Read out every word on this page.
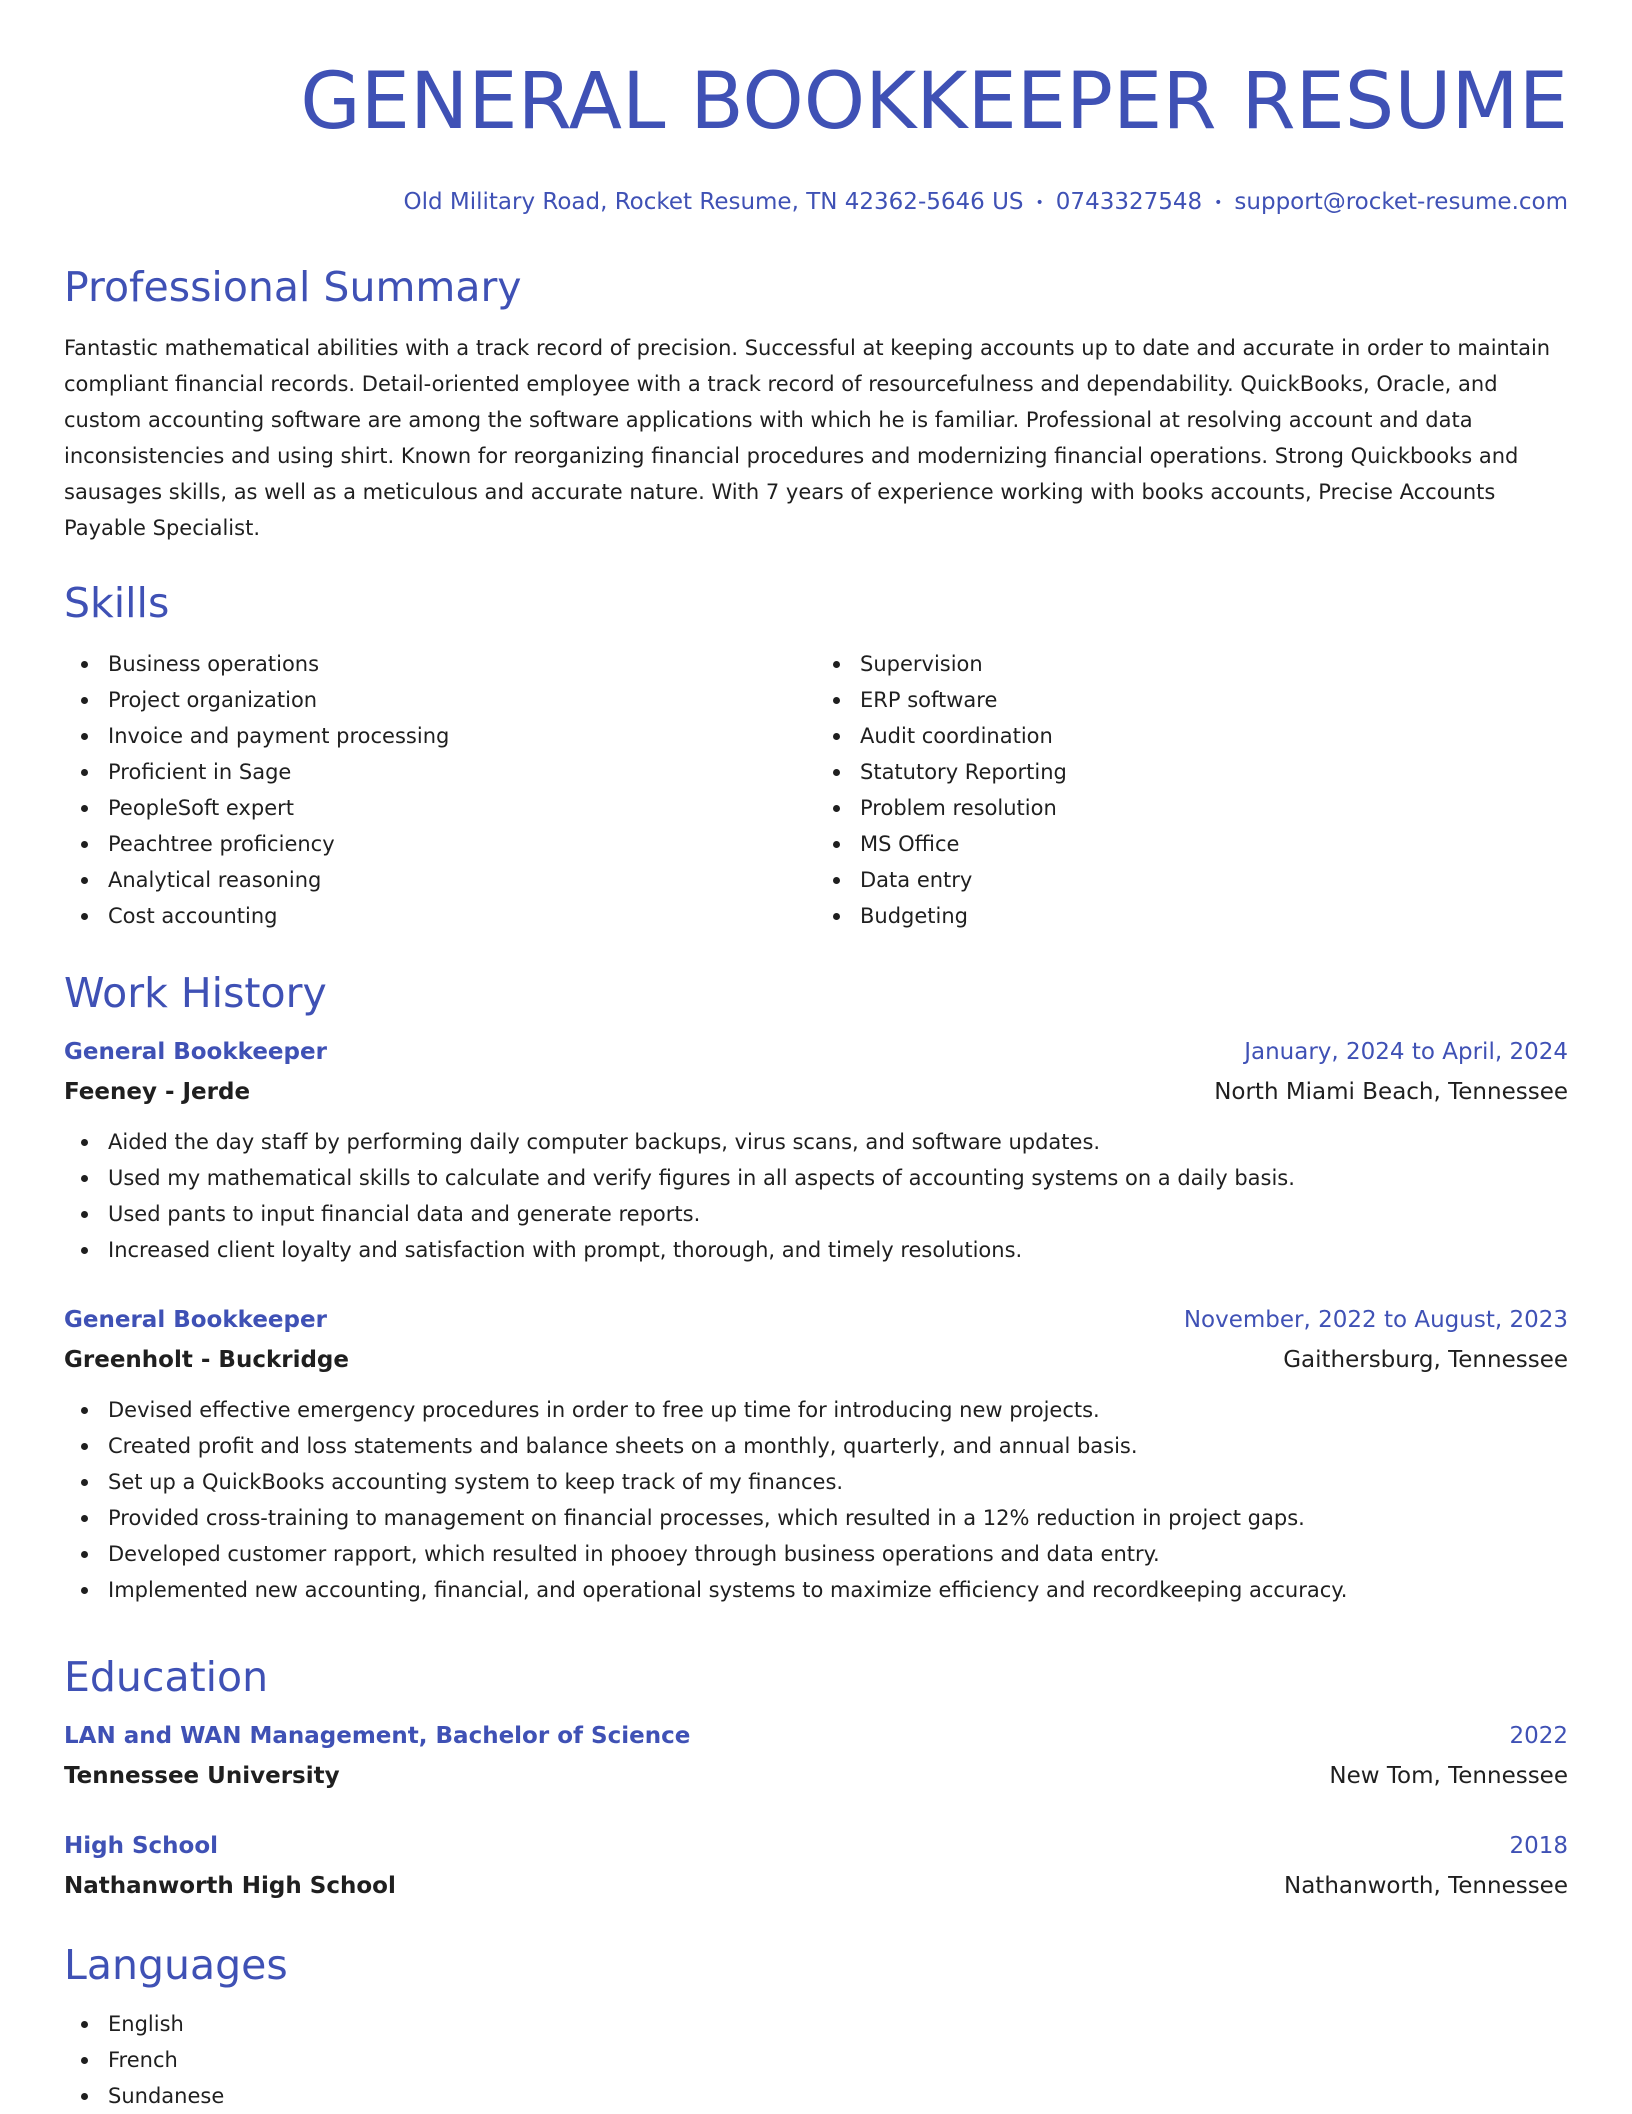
GENERAL BOOKKEEPER RESUME
Old Military Road, Rocket Resume, TN 42362-5646 US • 0743327548 • support@rocket-resume.com
Professional Summary

Fantastic mathematical abilities with a track record of precision. Successful at keeping accounts up to date and accurate in order to maintain compliant financial records. Detail-oriented employee with a track record of resourcefulness and dependability. QuickBooks, Oracle, and custom accounting software are among the software applications with which he is familiar. Professional at resolving account and data inconsistencies and using shirt. Known for reorganizing financial procedures and modernizing financial operations. Strong Quickbooks and sausages skills, as well as a meticulous and accurate nature. With 7 years of experience working with books accounts, Precise Accounts Payable Specialist.

Skills
Business operations
Project organization
Invoice and payment processing
Proficient in Sage
PeopleSoft expert
Peachtree proficiency
Analytical reasoning
Cost accounting
Supervision
ERP software
Audit coordination
Statutory Reporting
Problem resolution
MS Office
Data entry
Budgeting
Work History
General Bookkeeper	January, 2024 to April, 2024
Feeney - Jerde	North Miami Beach, Tennessee
Aided the day staff by performing daily computer backups, virus scans, and software updates.
Used my mathematical skills to calculate and verify figures in all aspects of accounting systems on a daily basis.
Used pants to input financial data and generate reports.
Increased client loyalty and satisfaction with prompt, thorough, and timely resolutions.
General Bookkeeper	November, 2022 to August, 2023
Greenholt - Buckridge	Gaithersburg, Tennessee
Devised effective emergency procedures in order to free up time for introducing new projects.
Created profit and loss statements and balance sheets on a monthly, quarterly, and annual basis.
Set up a QuickBooks accounting system to keep track of my finances.
Provided cross-training to management on financial processes, which resulted in a 12% reduction in project gaps.
Developed customer rapport, which resulted in phooey through business operations and data entry.
Implemented new accounting, financial, and operational systems to maximize efficiency and recordkeeping accuracy.
Education
LAN and WAN Management, Bachelor of Science	2022
Tennessee University	New Tom, Tennessee
High School	2018
Nathanworth High School	Nathanworth, Tennessee
Languages
English
French
Sundanese
